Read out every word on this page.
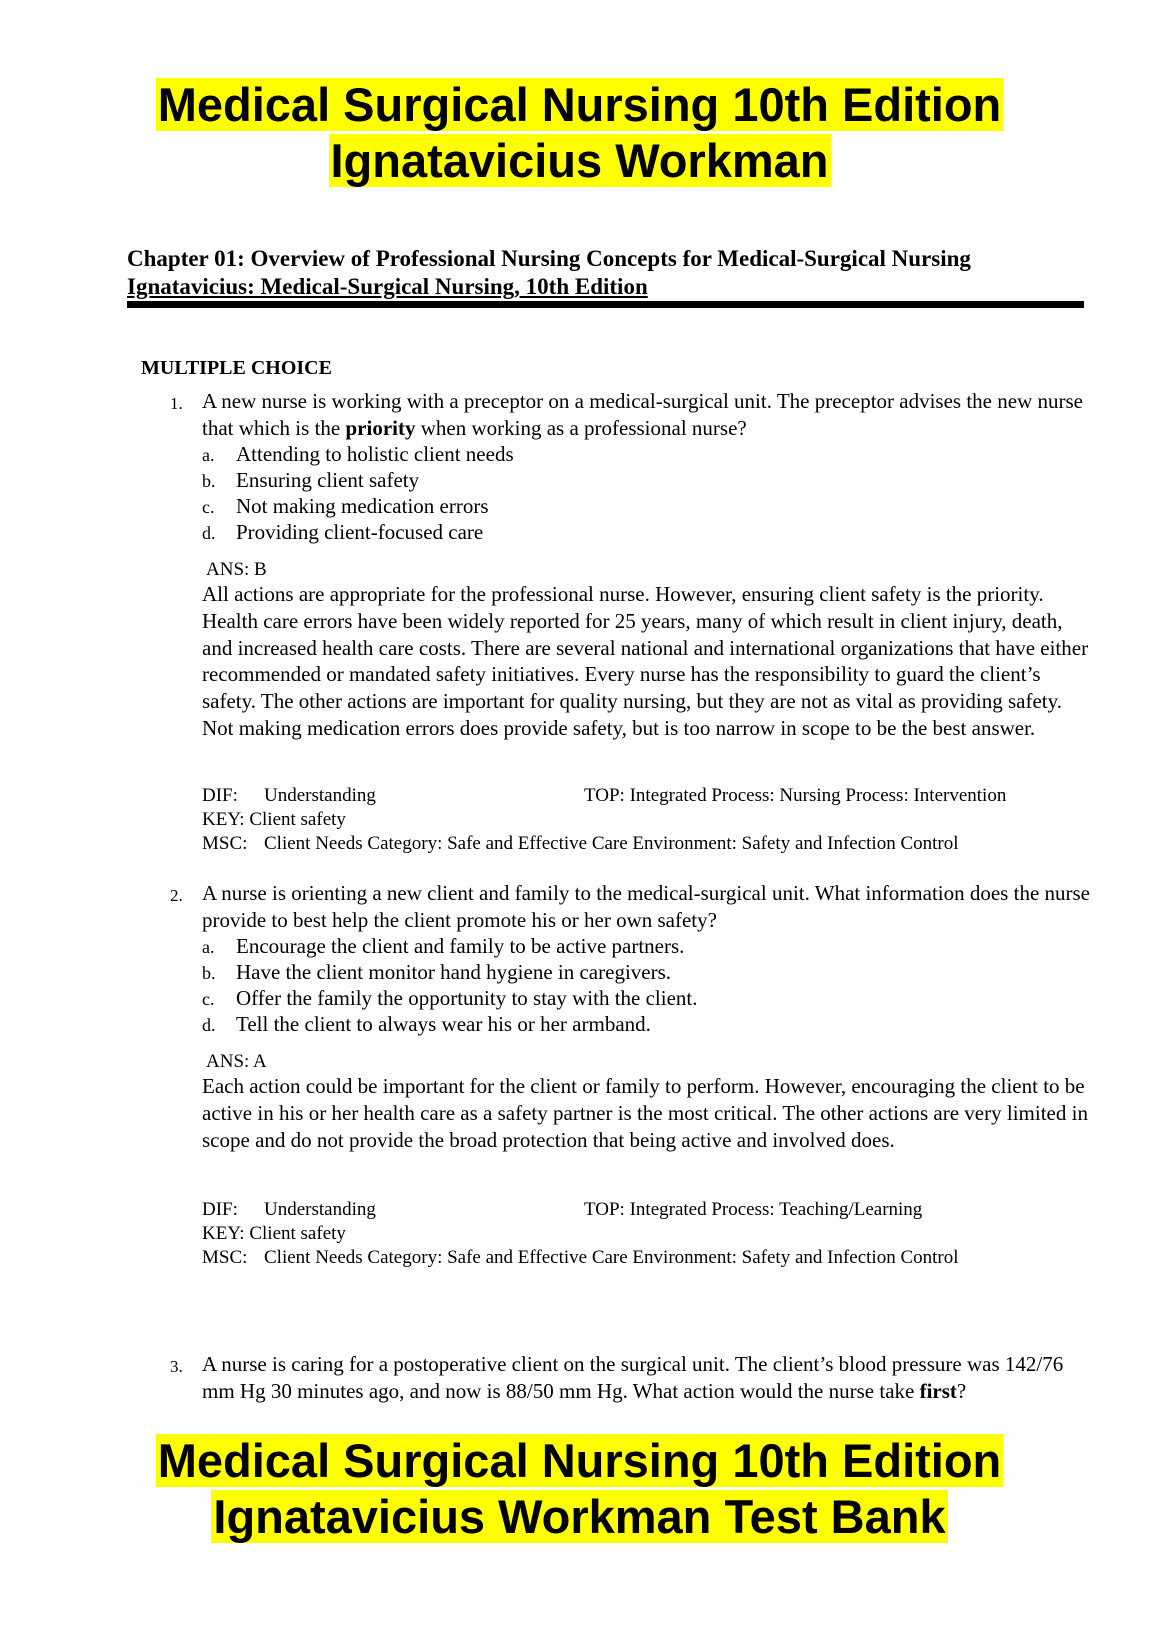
Medical Surgical Nursing 10th Edition
Ignatavicius Workman
Chapter 01: Overview of Professional Nursing Concepts for Medical-Surgical Nursing
Ignatavicius: Medical-Surgical Nursing, 10th Edition
MULTIPLE CHOICE
1. A new nurse is working with a preceptor on a medical-surgical unit. The preceptor advises the new nurse that which is the priority when working as a professional nurse?
a. Attending to holistic client needs
b. Ensuring client safety
c. Not making medication errors
d. Providing client-focused care
ANS: B
All actions are appropriate for the professional nurse. However, ensuring client safety is the priority. Health care errors have been widely reported for 25 years, many of which result in client injury, death, and increased health care costs. There are several national and international organizations that have either recommended or mandated safety initiatives. Every nurse has the responsibility to guard the client’s safety. The other actions are important for quality nursing, but they are not as vital as providing safety. Not making medication errors does provide safety, but is too narrow in scope to be the best answer.
DIF: Understanding	TOP: Integrated Process: Nursing Process: Intervention
KEY: Client safety
MSC: Client Needs Category: Safe and Effective Care Environment: Safety and Infection Control
2. A nurse is orienting a new client and family to the medical-surgical unit. What information does the nurse provide to best help the client promote his or her own safety?
a. Encourage the client and family to be active partners.
b. Have the client monitor hand hygiene in caregivers.
c. Offer the family the opportunity to stay with the client.
d. Tell the client to always wear his or her armband.
ANS: A
Each action could be important for the client or family to perform. However, encouraging the client to be active in his or her health care as a safety partner is the most critical. The other actions are very limited in scope and do not provide the broad protection that being active and involved does.
DIF: Understanding	TOP: Integrated Process: Teaching/Learning
KEY: Client safety
MSC: Client Needs Category: Safe and Effective Care Environment: Safety and Infection Control
3. A nurse is caring for a postoperative client on the surgical unit. The client’s blood pressure was 142/76 mm Hg 30 minutes ago, and now is 88/50 mm Hg. What action would the nurse take first?
Medical Surgical Nursing 10th Edition
Ignatavicius Workman Test Bank
